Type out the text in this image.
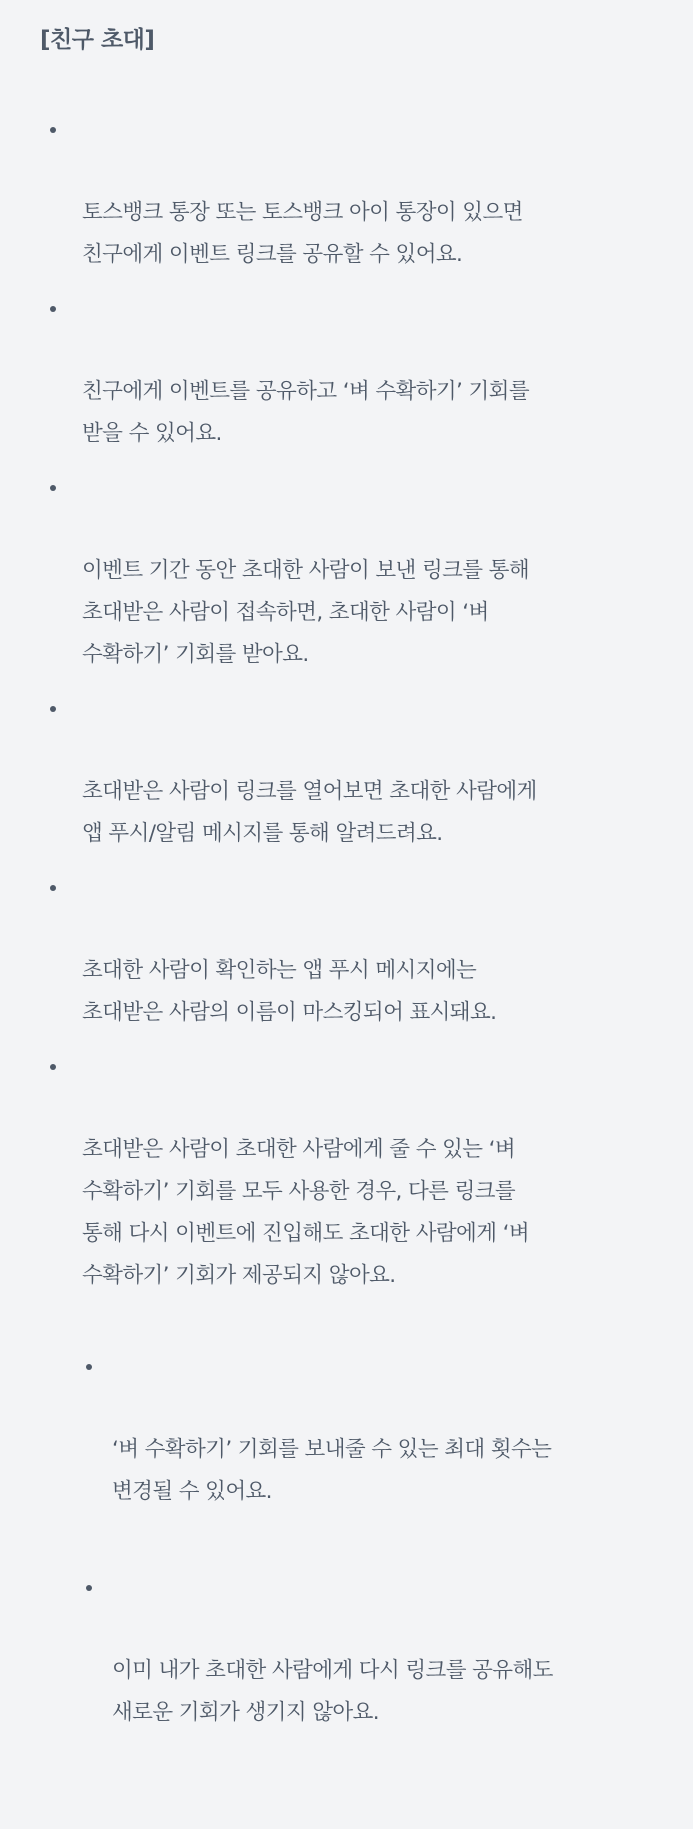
[친구 초대]

토스뱅크 통장 또는 토스뱅크 아이 통장이 있으면
친구에게 이벤트 링크를 공유할 수 있어요.

친구에게 이벤트를 공유하고 ‘벼 수확하기’ 기회를
받을 수 있어요.

이벤트 기간 동안 초대한 사람이 보낸 링크를 통해
초대받은 사람이 접속하면, 초대한 사람이 ‘벼
수확하기’ 기회를 받아요.

초대받은 사람이 링크를 열어보면 초대한 사람에게
앱 푸시/알림 메시지를 통해 알려드려요.

초대한 사람이 확인하는 앱 푸시 메시지에는
초대받은 사람의 이름이 마스킹되어 표시돼요.

초대받은 사람이 초대한 사람에게 줄 수 있는 ‘벼
수확하기’ 기회를 모두 사용한 경우, 다른 링크를
통해 다시 이벤트에 진입해도 초대한 사람에게 ‘벼
수확하기’ 기회가 제공되지 않아요.

‘벼 수확하기’ 기회를 보내줄 수 있는 최대 횟수는
변경될 수 있어요.

이미 내가 초대한 사람에게 다시 링크를 공유해도
새로운 기회가 생기지 않아요.
